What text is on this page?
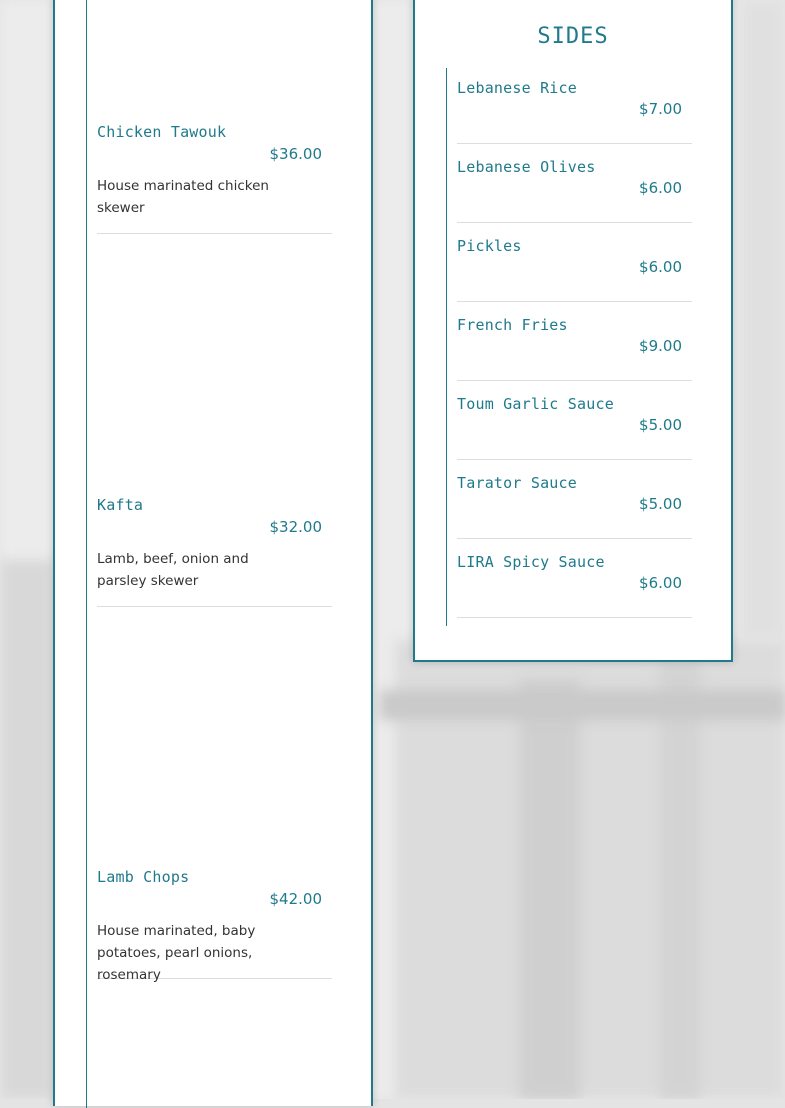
Chicken Tawouk
$36.00
House marinated chicken skewer
Kafta
$32.00
Lamb, beef, onion and parsley skewer
Lamb Chops
$42.00
House marinated, baby potatoes, pearl onions, rosemary
SIDES
Lebanese Rice
$7.00
Lebanese Olives
$6.00
Pickles
$6.00
French Fries
$9.00
Toum Garlic Sauce
$5.00
Tarator Sauce
$5.00
LIRA Spicy Sauce
$6.00
